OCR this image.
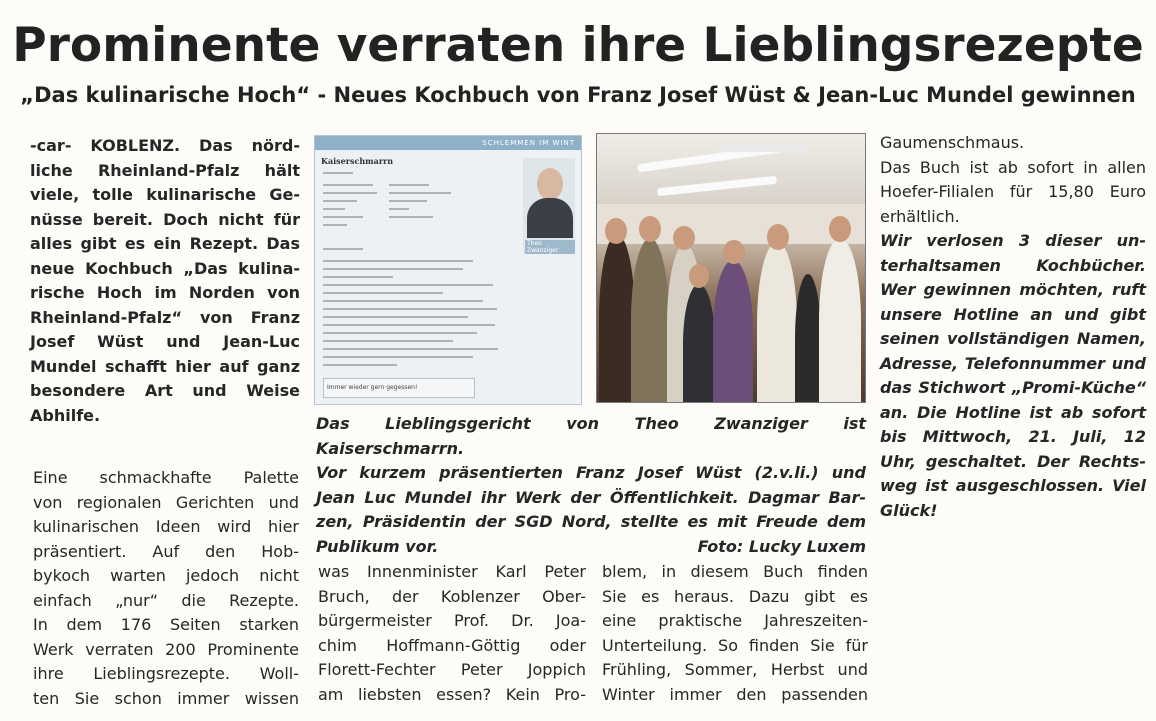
Prominente verraten ihre Lieblingsrezepte
„Das kulinarische Hoch“ - Neues Kochbuch von Franz Josef Wüst & Jean-Luc Mundel gewinnen

-car- KOBLENZ. Das nörd-

liche Rheinland-Pfalz hält

viele, tolle kulinarische Ge-

nüsse bereit. Doch nicht für

alles gibt es ein Rezept. Das

neue Kochbuch „Das kulina-

rische Hoch im Norden von

Rheinland-Pfalz“ von Franz

Josef Wüst und Jean-Luc

Mundel schafft hier auf ganz

besondere Art und Weise

Abhilfe.

Eine schmackhafte Palette

von regionalen Gerichten und

kulinarischen Ideen wird hier

präsentiert. Auf den Hob-

bykoch warten jedoch nicht

einfach „nur“ die Rezepte.

In dem 176 Seiten starken

Werk verraten 200 Prominente

ihre Lieblingsrezepte. Woll-

ten Sie schon immer wissen

SCHLEMMEN IM WINT
Kaiserschmarrn
Theo
Zwanziger
Immer wieder gern gegessen!

Das Lieblingsgericht von Theo Zwanziger ist Kaiserschmarrn.

Vor kurzem präsentierten Franz Josef Wüst (2.v.li.) und

Jean Luc Mundel ihr Werk der Öffentlichkeit. Dagmar Bar-

zen, Präsidentin der SGD Nord, stellte es mit Freude dem

Publikum vor.	Foto: Lucky Luxem

was Innenminister Karl Peter

Bruch, der Koblenzer Ober-

bürgermeister Prof. Dr. Joa-

chim Hoffmann-Göttig oder

Florett-Fechter Peter Joppich

am liebsten essen? Kein Pro-

blem, in diesem Buch finden

Sie es heraus. Dazu gibt es

eine praktische Jahreszeiten-

Unterteilung. So finden Sie für

Frühling, Sommer, Herbst und

Winter immer den passenden

Gaumenschmaus.

Das Buch ist ab sofort in allen

Hoefer-Filialen für 15,80 Euro

erhältlich.

Wir verlosen 3 dieser un-

terhaltsamen Kochbücher.

Wer gewinnen möchten, ruft

unsere Hotline an und gibt

seinen vollständigen Namen,

Adresse, Telefonnummer und

das Stichwort „Promi-Küche“

an. Die Hotline ist ab sofort

bis Mittwoch, 21. Juli, 12

Uhr, geschaltet. Der Rechts-

weg ist ausgeschlossen. Viel

Glück!
